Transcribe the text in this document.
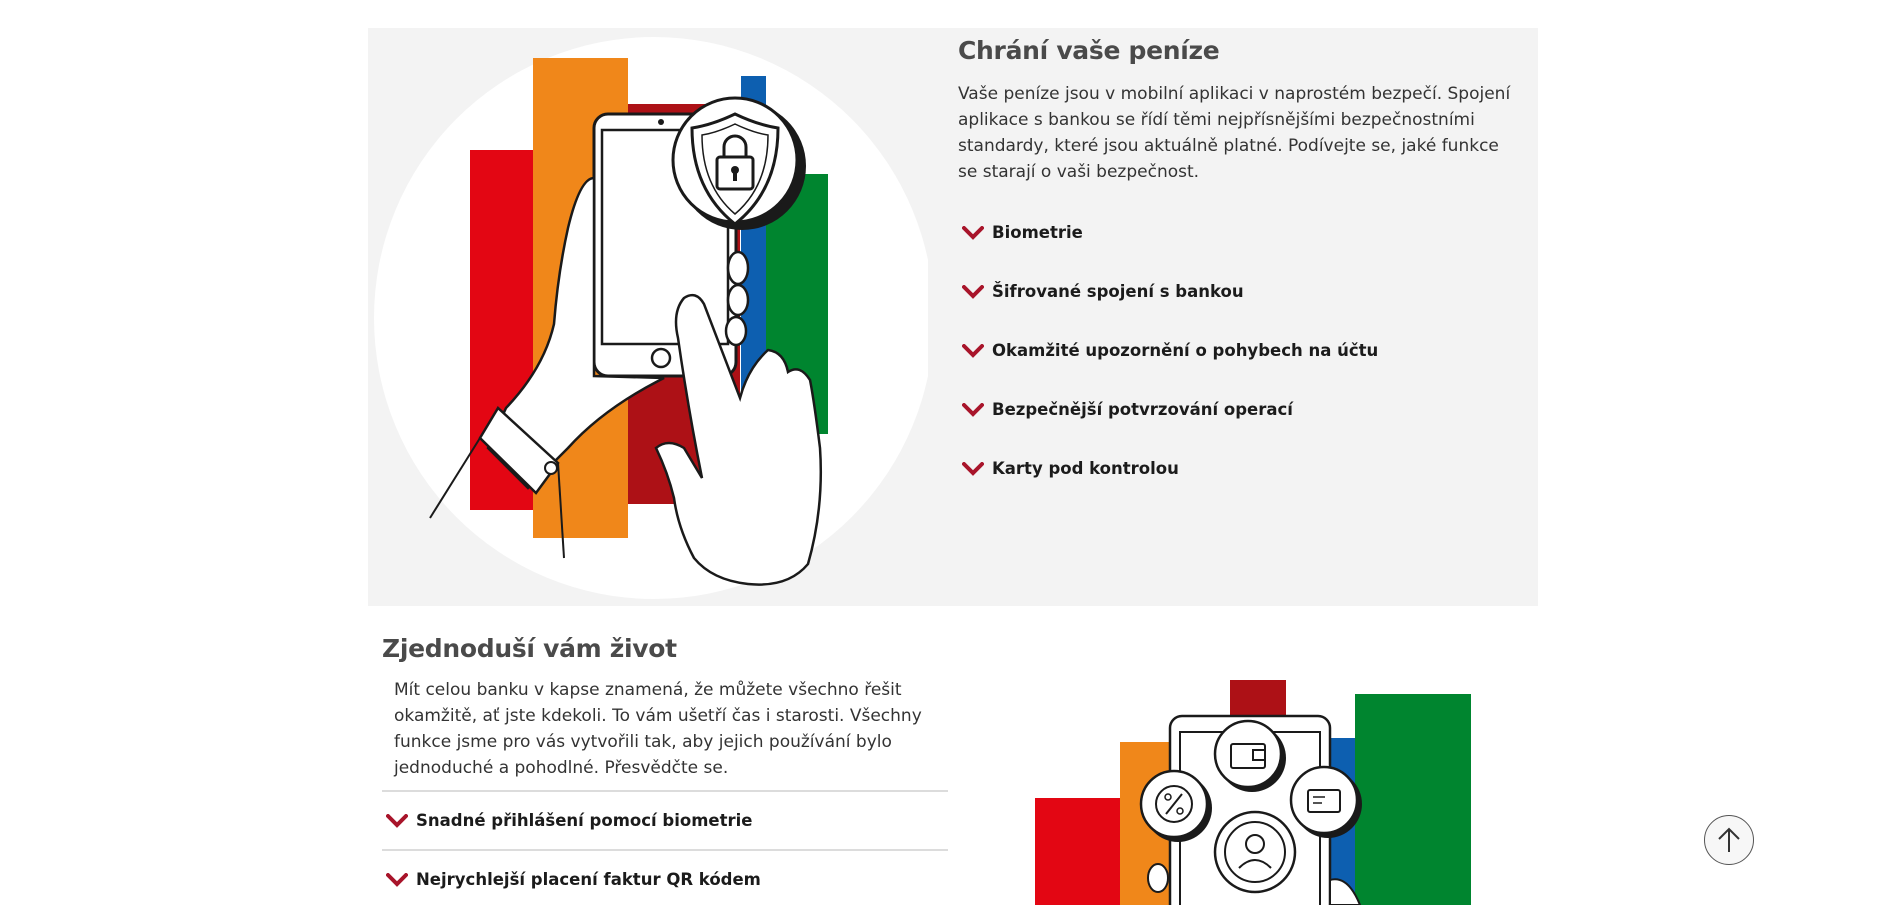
Chrání vaše peníze

Vaše peníze jsou v mobilní aplikaci v naprostém bezpečí. Spojení aplikace s bankou se řídí těmi nejpřísnějšími bezpečnostními standardy, které jsou aktuálně platné. Podívejte se, jaké funkce se starají o vaši bezpečnost.

Biometrie
Šifrované spojení s bankou
Okamžité upozornění o pohybech na účtu
Bezpečnější potvrzování operací
Karty pod kontrolou
Zjednoduší vám život

Mít celou banku v kapse znamená, že můžete všechno řešit okamžitě, ať jste kdekoli. To vám ušetří čas i starosti. Všechny funkce jsme pro vás vytvořili tak, aby jejich používání bylo jednoduché a pohodlné. Přesvědčte se.

Snadné přihlášení pomocí biometrie
Nejrychlejší placení faktur QR kódem
